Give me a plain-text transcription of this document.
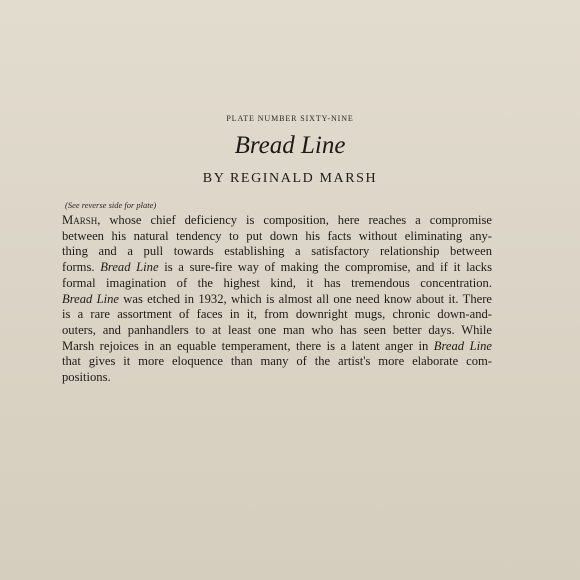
PLATE NUMBER SIXTY-NINE
Bread Line
BY REGINALD MARSH
(See reverse side for plate)
Marsh, whose chief deficiency is composition, here reaches a compromise
between his natural tendency to put down his facts without eliminating any-
thing and a pull towards establishing a satisfactory relationship between
forms. Bread Line is a sure-fire way of making the compromise, and if it lacks
formal imagination of the highest kind, it has tremendous concentration.
Bread Line was etched in 1932, which is almost all one need know about it. There
is a rare assortment of faces in it, from downright mugs, chronic down-and-
outers, and panhandlers to at least one man who has seen better days. While
Marsh rejoices in an equable temperament, there is a latent anger in Bread Line
that gives it more eloquence than many of the artist's more elaborate com-
positions.
